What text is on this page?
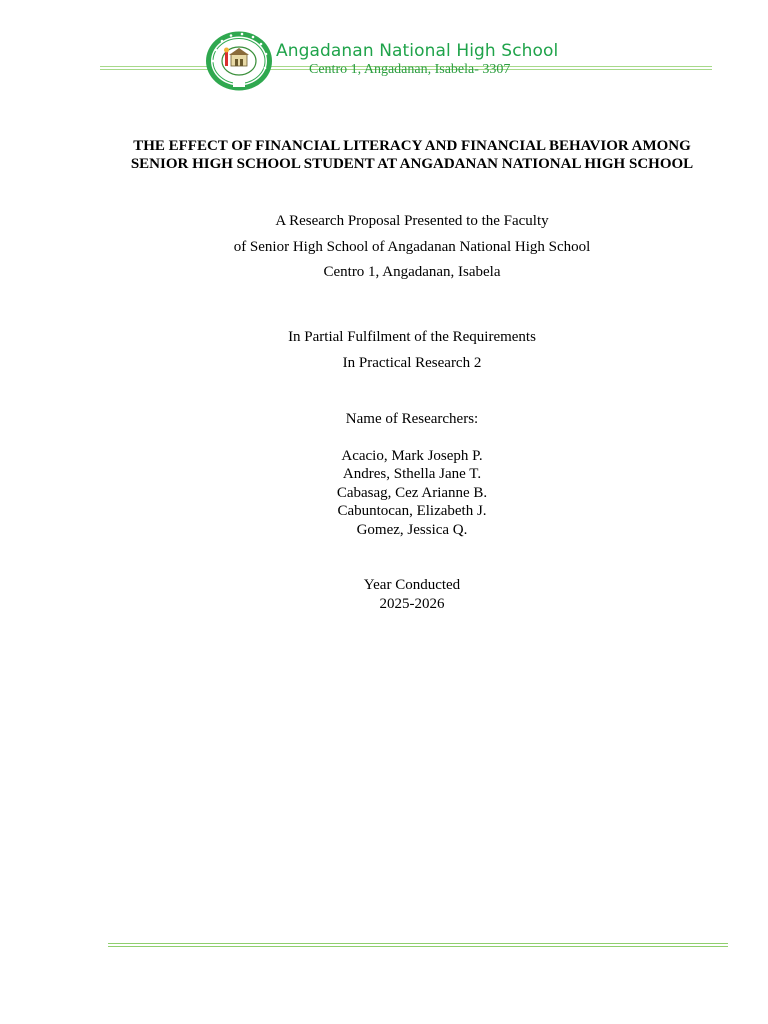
Angadanan National High School
Centro 1, Angadanan, Isabela- 3307
THE EFFECT OF FINANCIAL LITERACY AND FINANCIAL BEHAVIOR AMONG
SENIOR HIGH SCHOOL STUDENT AT ANGADANAN NATIONAL HIGH SCHOOL
A Research Proposal Presented to the Faculty
of Senior High School of Angadanan National High School
Centro 1, Angadanan, Isabela
In Partial Fulfilment of the Requirements
In Practical Research 2
Name of Researchers:
Acacio, Mark Joseph P.
Andres, Sthella Jane T.
Cabasag, Cez Arianne B.
Cabuntocan, Elizabeth J.
Gomez, Jessica Q.
Year Conducted
2025-2026
